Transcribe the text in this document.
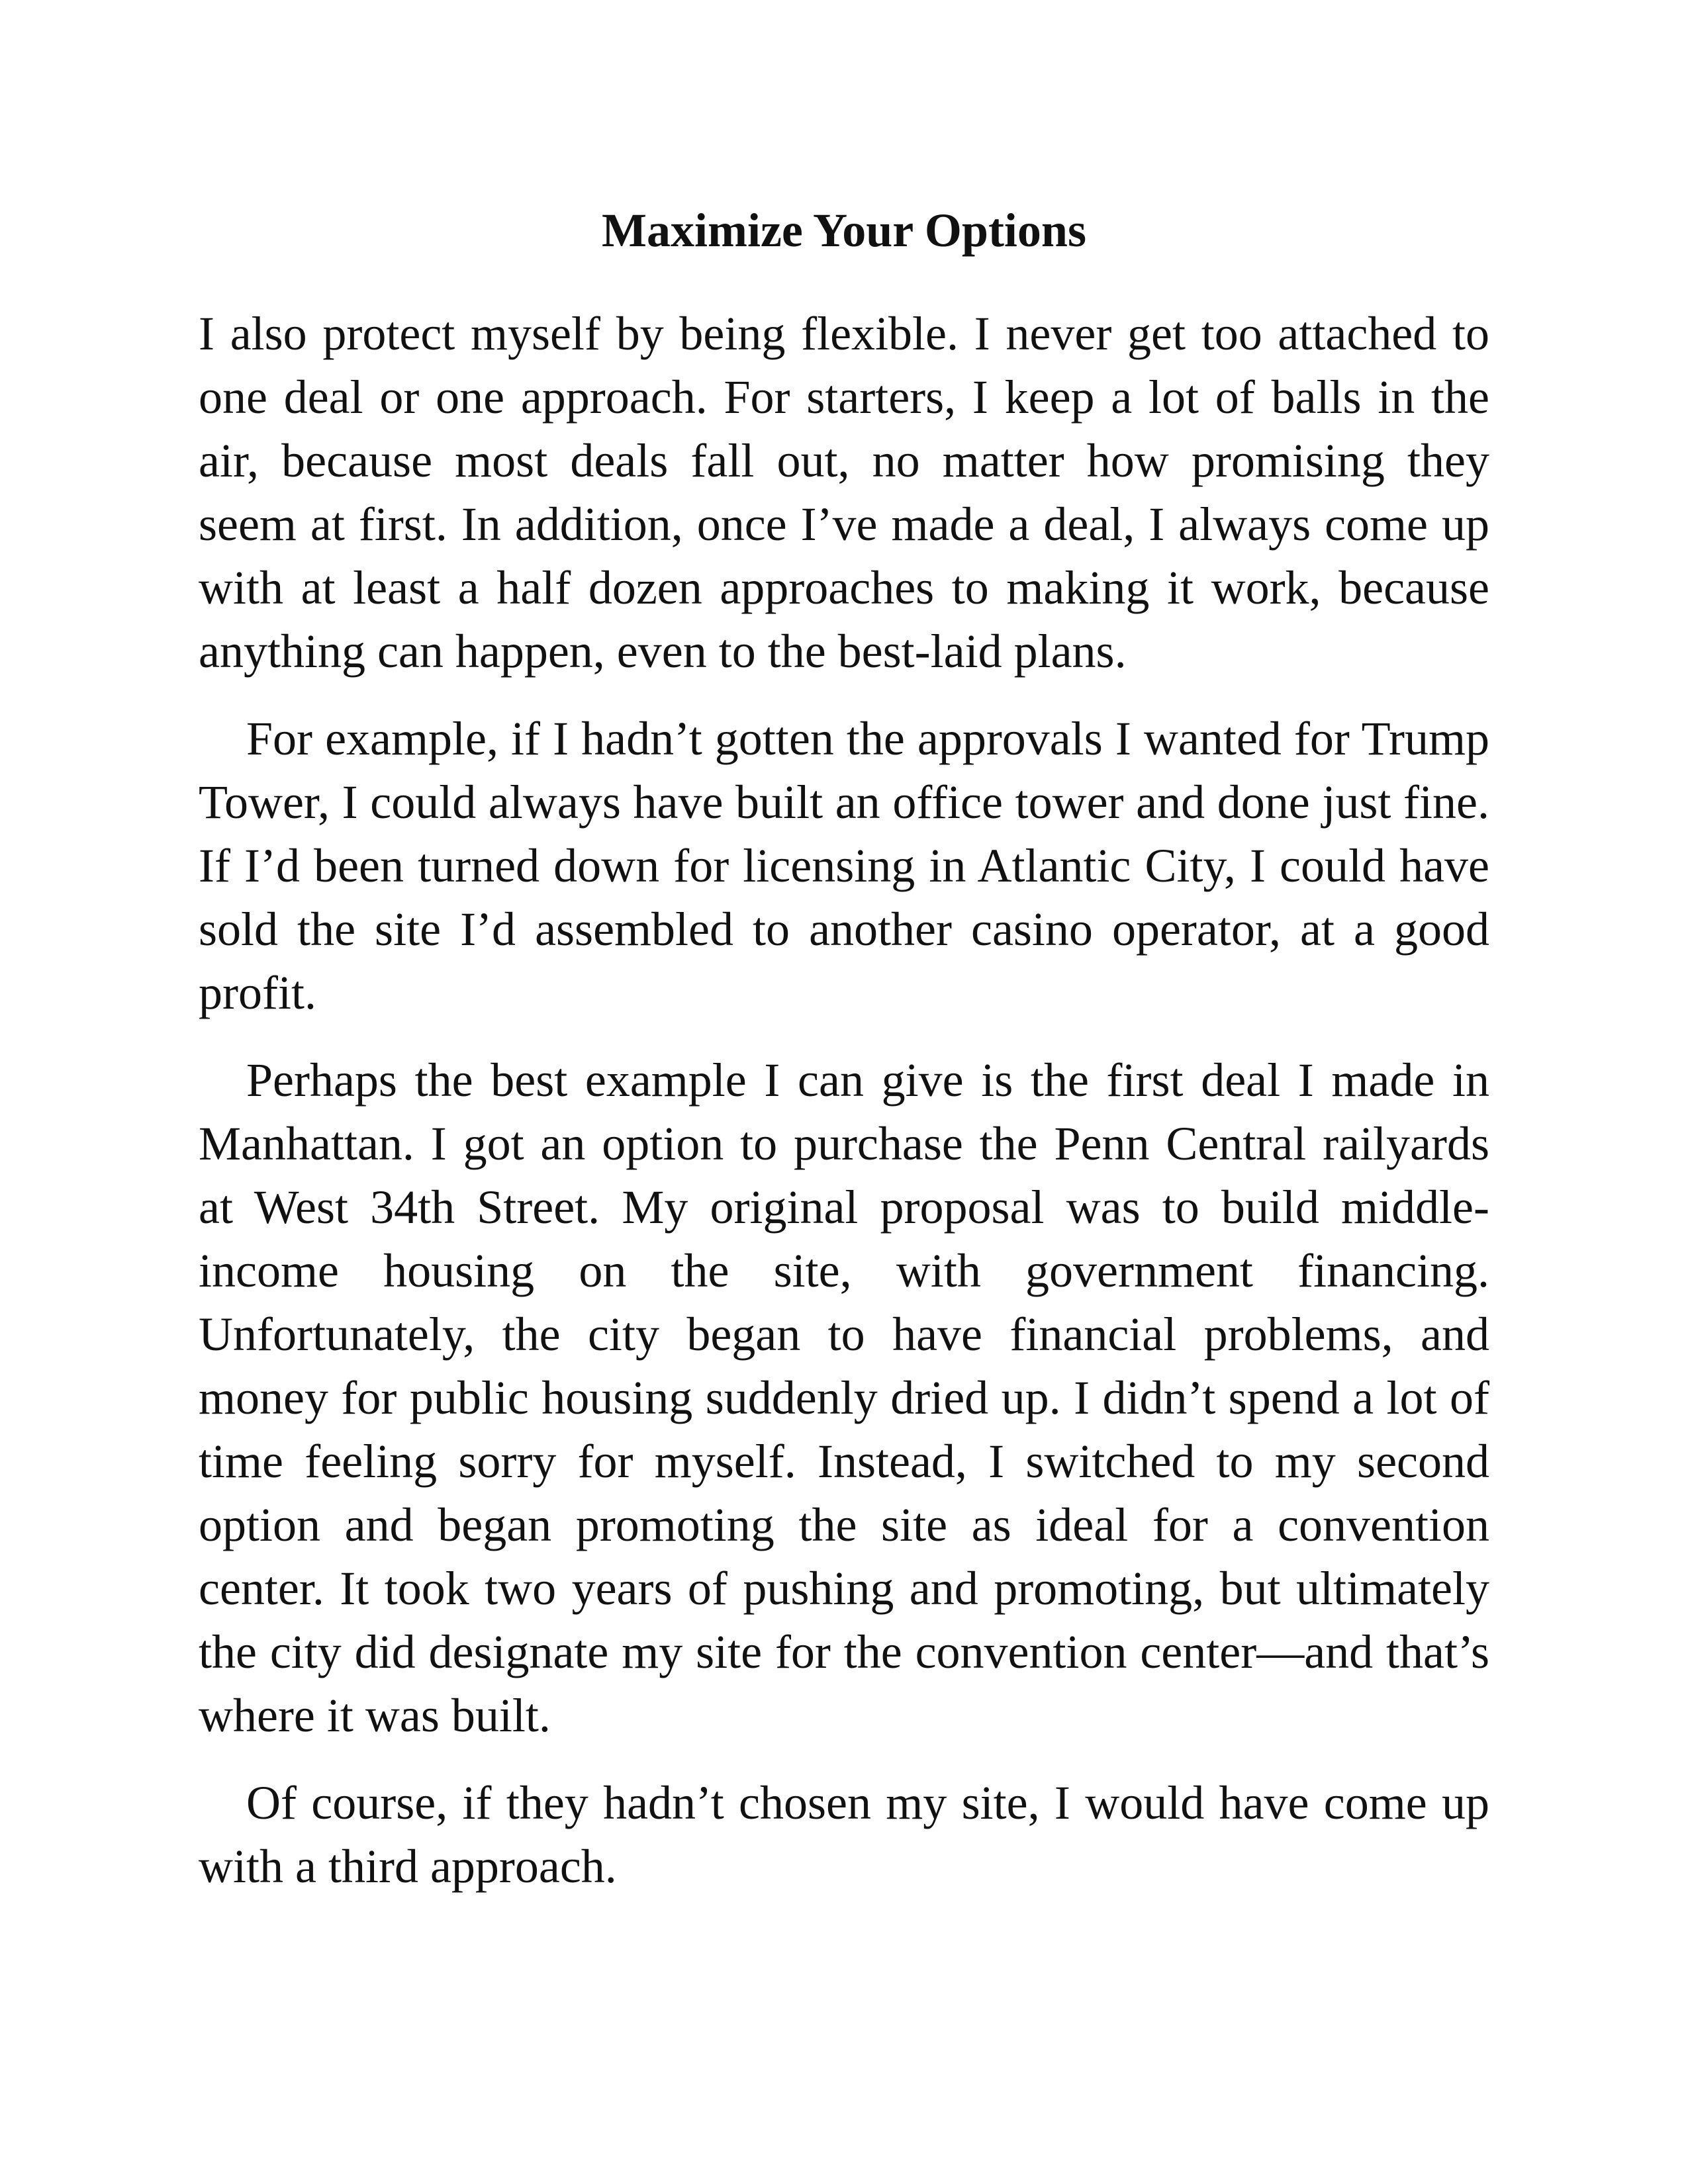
Maximize Your Options

I also protect myself by being flexible. I never get too attached to one deal or one approach. For starters, I keep a lot of balls in the air, because most deals fall out, no matter how promising they seem at first. In addition, once I’ve made a deal, I always come up with at least a half dozen approaches to making it work, because anything can happen, even to the best-laid plans.

For example, if I hadn’t gotten the approvals I wanted for Trump Tower, I could always have built an office tower and done just fine. If I’d been turned down for licensing in Atlantic City, I could have sold the site I’d assembled to another casino operator, at a good profit.

Perhaps the best example I can give is the first deal I made in Manhattan. I got an option to purchase the Penn Central railyards at West 34th Street. My original proposal was to build middle-income housing on the site, with government financing. Unfortunately, the city began to have financial problems, and money for public housing suddenly dried up. I didn’t spend a lot of time feeling sorry for myself. Instead, I switched to my second option and began promoting the site as ideal for a convention center. It took two years of pushing and promoting, but ultimately the city did designate my site for the convention center—and that’s where it was built.

Of course, if they hadn’t chosen my site, I would have come up with a third approach.
